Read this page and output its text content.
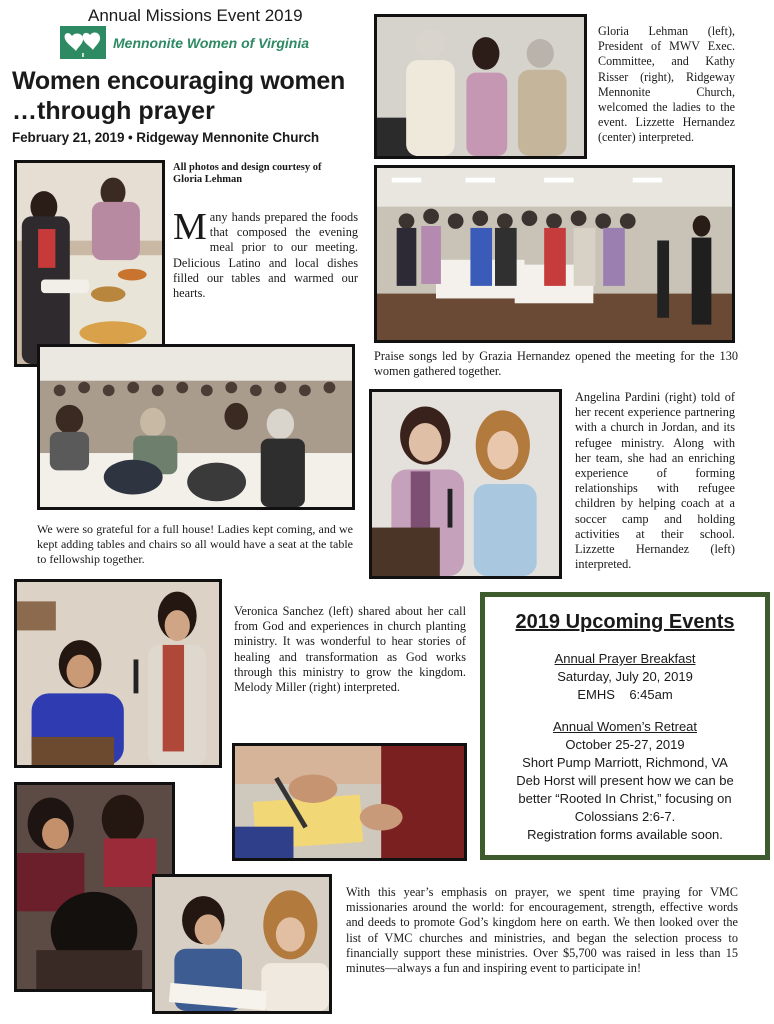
Annual Missions Event 2019
Mennonite Women of Virginia
Women encouraging women
…through prayer
February 21, 2019 • Ridgeway Mennonite Church
All photos and design courtesy of Gloria Lehman
Many hands prepared the foods that composed the evening meal prior to our meeting. Delicious Latino and local dishes filled our tables and warmed our hearts.
Gloria Lehman (left), President of MWV Exec. Committee, and Kathy Risser (right), Ridgeway Mennonite Church, welcomed the ladies to the event. Lizzette Hernandez (center) interpreted.
Praise songs led by Grazia Hernandez opened the meeting for the 130 women gathered together.
We were so grateful for a full house! Ladies kept coming, and we kept adding tables and chairs so all would have a seat at the table to fellowship together.
Angelina Pardini (right) told of her recent experience partnering with a church in Jordan, and its refugee ministry. Along with her team, she had an enriching experience of forming relationships with refugee children by helping coach at a soccer camp and holding activities at their school. Lizzette Hernandez (left) interpreted.
Veronica Sanchez (left) shared about her call from God and experiences in church planting ministry. It was wonderful to hear stories of healing and transformation as God works through this ministry to grow the kingdom. Melody Miller (right) interpreted.
2019 Upcoming Events
Annual Prayer Breakfast
Saturday, July 20, 2019
EMHS    6:45am
Annual Women’s Retreat
October 25-27, 2019
Short Pump Marriott, Richmond, VA
Deb Horst will present how we can be
better “Rooted In Christ,” focusing on
Colossians 2:6-7.
Registration forms available soon.
With this year’s emphasis on prayer, we spent time praying for VMC missionaries around the world: for encouragement, strength, effective words and deeds to promote God’s kingdom here on earth. We then looked over the list of VMC churches and ministries, and began the selection process to financially support these ministries. Over $5,700 was raised in less than 15 minutes—always a fun and inspiring event to participate in!
